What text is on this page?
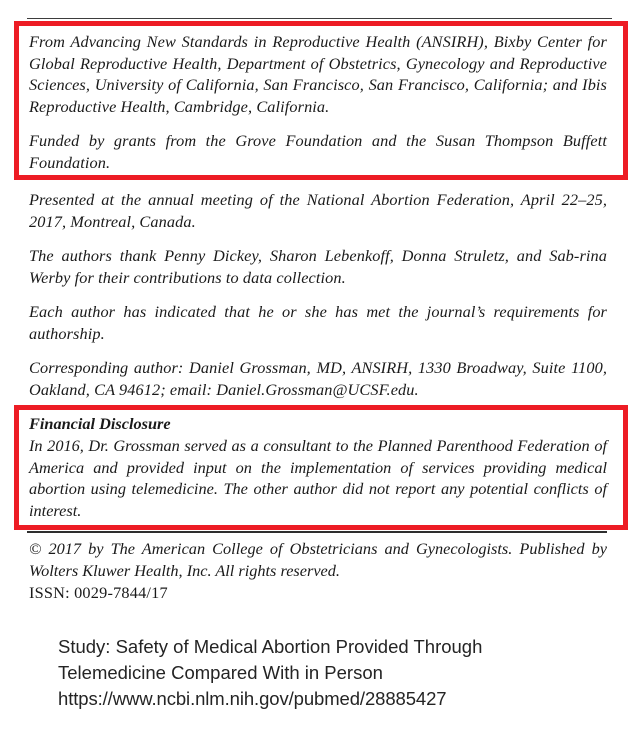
From Advancing New Standards in Reproductive Health (ANSIRH), Bixby Center for Global Reproductive Health, Department of Obstetrics, Gynecology and Reproductive Sciences, University of California, San Francisco, San Francisco, California; and Ibis Reproductive Health, Cambridge, California.

Funded by grants from the Grove Foundation and the Susan Thompson Buffett Foundation.

Presented at the annual meeting of the National Abortion Federation, April 22–25, 2017, Montreal, Canada.

The authors thank Penny Dickey, Sharon Lebenkoff, Donna Struletz, and Sab-rina Werby for their contributions to data collection.

Each author has indicated that he or she has met the journal’s requirements for authorship.

Corresponding author: Daniel Grossman, MD, ANSIRH, 1330 Broadway, Suite 1100, Oakland, CA 94612; email: Daniel.Grossman@UCSF.edu.

Financial Disclosure

In 2016, Dr. Grossman served as a consultant to the Planned Parenthood Federation of America and provided input on the implementation of services providing medical abortion using telemedicine. The other author did not report any potential conflicts of interest.

© 2017 by The American College of Obstetricians and Gynecologists. Published by Wolters Kluwer Health, Inc. All rights reserved.

ISSN: 0029-7844/17

Study: Safety of Medical Abortion Provided Through

Telemedicine Compared With in Person

https://www.ncbi.nlm.nih.gov/pubmed/28885427
